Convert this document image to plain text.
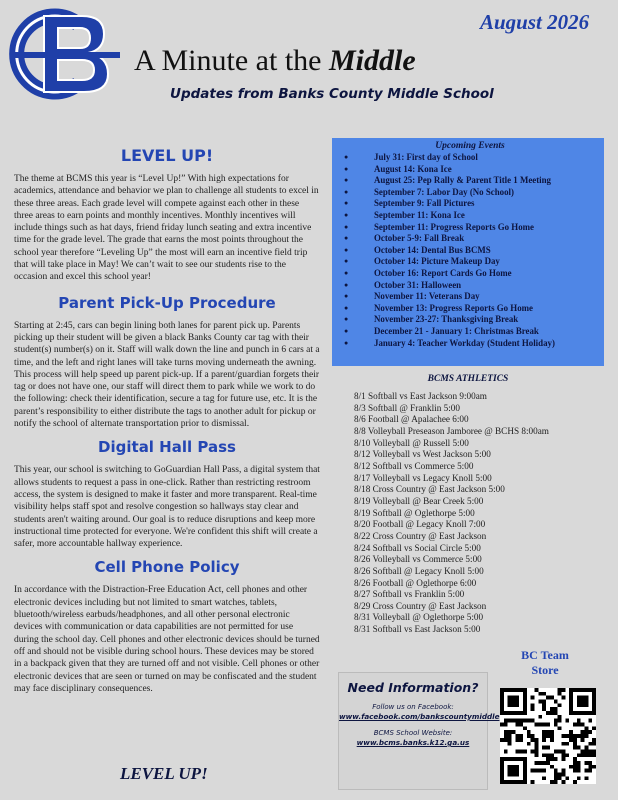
August 2026
A Minute at the Middle
Updates from Banks County Middle School
LEVEL UP!

The theme at BCMS this year is “Level Up!” With high expectations for academics, attendance and behavior we plan to challenge all students to excel in these three areas. Each grade level will compete against each other in these three areas to earn points and monthly incentives. Monthly incentives will include things such as hat days, friend friday lunch seating and extra incentive time for the grade level. The grade that earns the most points throughout the school year therefore “Leveling Up” the most will earn an incentive field trip that will take place in May! We can’t wait to see our students rise to the occasion and excel this school year!

Parent Pick-Up Procedure

Starting at 2:45, cars can begin lining both lanes for parent pick up. Parents picking up their student will be given a black Banks County car tag with their student(s) number(s) on it. Staff will walk down the line and punch in 6 cars at a time, and the left and right lanes will take turns moving underneath the awning. This process will help speed up parent pick-up. If a parent/guardian forgets their tag or does not have one, our staff will direct them to park while we work to do the following: check their identification, secure a tag for future use, etc. It is the parent’s responsibility to either distribute the tags to another adult for pickup or notify the school of alternate transportation prior to dismissal.

Digital Hall Pass

This year, our school is switching to GoGuardian Hall Pass, a digital system that allows students to request a pass in one-click. Rather than restricting restroom access, the system is designed to make it faster and more transparent. Real-time visibility helps staff spot and resolve congestion so hallways stay clear and students aren't waiting around. Our goal is to reduce disruptions and keep more instructional time protected for everyone. We're confident this shift will create a safer, more accountable hallway experience.

Cell Phone Policy

In accordance with the Distraction-Free Education Act, cell phones and other electronic devices including but not limited to smart watches, tablets, bluetooth/wireless earbuds/headphones, and all other personal electronic devices with communication or data capabilities are not permitted for use during the school day. Cell phones and other electronic devices should be turned off and should not be visible during school hours. These devices may be stored in a backpack given that they are turned off and not visible. Cell phones or other electronic devices that are seen or turned on may be confiscated and the student may face disciplinary consequences.

LEVEL UP!
Upcoming Events
●	July 31: First day of School
●	August 14: Kona Ice
●	August 25: Pep Rally & Parent Title 1 Meeting
●	September 7: Labor Day (No School)
●	September 9: Fall Pictures
●	September 11: Kona Ice
●	September 11: Progress Reports Go Home
●	October 5-9: Fall Break
●	October 14: Dental Bus BCMS
●	October 14: Picture Makeup Day
●	October 16: Report Cards Go Home
●	October 31: Halloween
●	November 11: Veterans Day
●	November 13: Progress Reports Go Home
●	November 23-27: Thanksgiving Break
●	December 21 - January 1: Christmas Break
●	January 4: Teacher Workday (Student Holiday)
BCMS ATHLETICS
8/1 Softball vs East Jackson 9:00am
8/3 Softball @ Franklin 5:00
8/6 Football @ Apalachee 6:00
8/8 Volleyball Preseason Jamboree @ BCHS 8:00am
8/10 Volleyball @ Russell 5:00
8/12 Volleyball vs West Jackson 5:00
8/12 Softball vs Commerce 5:00
8/17 Volleyball vs Legacy Knoll 5:00
8/18 Cross Country @ East Jackson 5:00
8/19 Volleyball @ Bear Creek 5:00
8/19 Softball @ Oglethorpe 5:00
8/20 Football @ Legacy Knoll 7:00
8/22 Cross Country @ East Jackson
8/24 Softball vs Social Circle 5:00
8/26 Volleyball vs Commerce 5:00
8/26 Softball @ Legacy Knoll 5:00
8/26 Football @ Oglethorpe 6:00
8/27 Softball vs Franklin 5:00
8/29 Cross Country @ East Jackson
8/31 Volleyball @ Oglethorpe 5:00
8/31 Softball vs East Jackson 5:00
BC Team Store
Need Information?
Follow us on Facebook:
www.facebook.com/bankscountymiddle
BCMS School Website:
www.bcms.banks.k12.ga.us
